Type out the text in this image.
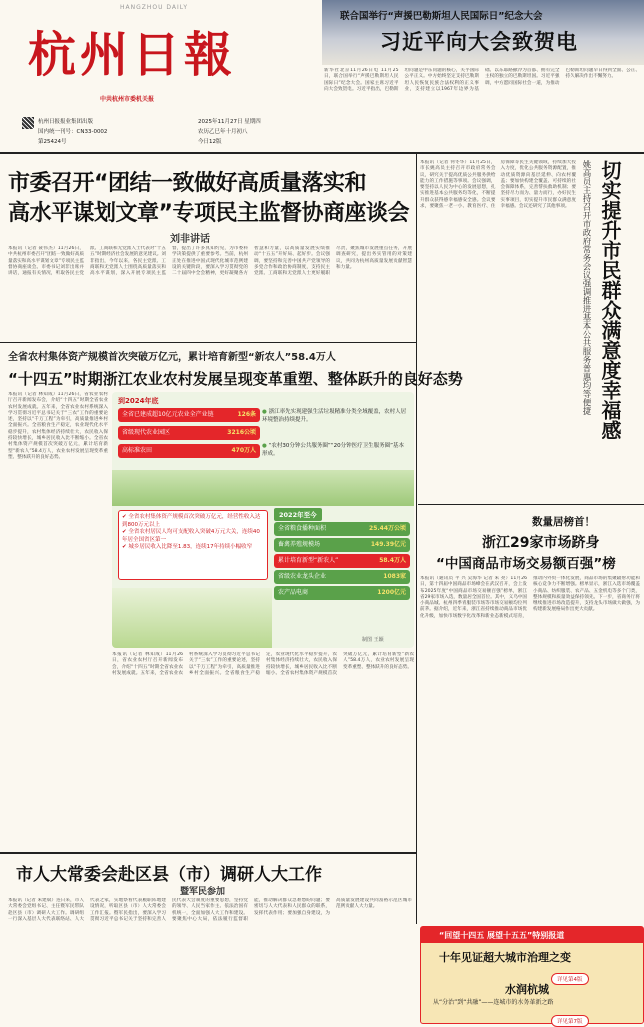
HANGZHOU DAILY
杭州日報
中共杭州市委机关报
杭州日报报业集团出版
国内统一刊号：CN33-0002
第25424号
2025年11月27日 星期四
农历乙巳年十月初八
今日12版
联合国举行“声援巴勒斯坦人民国际日”纪念大会
习近平向大会致贺电
新华社北京11月26日电 11月25日，联合国举行“声援巴勒斯坦人民国际日”纪念大会。国家主席习近平向大会致贺电。习近平指出，巴勒斯坦问题是中东问题的核心，关乎国际公平正义。中方始终坚定支持巴勒斯坦人民恢复民族合法权利的正义事业，支持建立以1967年边界为基础、以东耶路撒冷为首都、拥有完全主权的独立的巴勒斯坦国。习近平强调，中方愿同国际社会一道，为推动巴勒斯坦问题早日得到全面、公正、持久解决作出不懈努力。
市委召开“团结一致做好高质量落实和
高水平谋划文章”专项民主监督协商座谈会
刘非讲话
本报讯（记者 聂伟杰）11月26日，中共杭州市委召开“团结一致做好高质量落实和高水平谋划文章”专项民主监督协商座谈会。市委书记刘非出席并讲话，通报有关情况，听取各民主党派、工商联和无党派人士代表对“十五五”时期经济社会发展的意见建议。刘非指出，今年以来，各民主党派、工商联和无党派人士围绕高质量落实和高水平谋划，深入开展专项民主监督，提出了许多真知灼见，为市委科学决策提供了重要参考。当前，杭州正处在推进中国式现代化城市范例建设的关键阶段，要深入学习贯彻党的二十届四中全会精神，更好凝聚各方智慧和力量，以高质量发展实绩推动“十五五”开好局、起好步。会议强调，要坚持和完善中国共产党领导的多党合作和政治协商制度，支持民主党派、工商联和无党派人士更好履职尽责，聚焦城市发展重点任务，开展调查研究，提出务实管用的对策建议，共同为杭州高质量发展贡献智慧和力量。
本报讯（记者 何冬华）11月25日，市长姚高员主持召开市政府常务会议，研究关于提高优质公共服务供给能力的工作措施等事项。会议强调，要坚持以人民为中心的发展思想，扎实推进基本公共服务均等化，不断提升群众获得感幸福感安全感。会议要求，要聚焦一老一小、教育医疗、住房保障等民生关键领域，持续加大投入力度，优化公共服务资源配置，推动优质资源向基层延伸、向农村覆盖；要加快构建全覆盖、可持续的社会保障体系，完善帮扶救助机制；要坚持尽力而为、量力而行，办好民生实事项目，切实提升市民群众满意度幸福感。会议还研究了其他事项。	切实提升市民群众满意度幸福感
姚高员主持召开市政府常务会议强调推进基本公共服务普惠均等便捷
全省农村集体资产规模首次突破万亿元，累计培育新型“新农人”58.4万人
“十四五”时期浙江农业农村发展呈现变革重塑、整体跃升的良好态势
本报讯（记者 林知成）11月26日，省农业农村厅召开新闻发布会，介绍“十四五”时期全省农业农村发展成就。五年来，全省农业农村系统深入学习贯彻习近平总书记关于“三农”工作的重要论述，坚持以“千万工程”为牵引，高质量推进乡村全面振兴。全省粮食生产稳定，农业现代化水平稳步提升，农村集体经济持续壮大，农民收入保持较快增长，城乡居民收入比不断缩小。全省农村集体资产规模首次突破万亿元，累计培育新型“新农人”58.4万人，农业农村发展呈现变革重塑、整体跃升的良好态势。
到2024年底
全省已建成超10亿元农业全产业链	126条
省级现代农业园区	3216公顷
高标准农田	470万人
● 浙江率先实现建强生活垃圾精准分类全域覆盖，农村人居环境整治持续提升。
● “农村30分钟公共服务圈”“20分钟医疗卫生服务圈”基本形成。
✔ 全省农村集体资产规模首次突破万亿元，经营性收入达到800万元以上
✔ 全省农村居民人均可支配收入突破4万元大关，连续40年居全国省区第一
✔ 城乡居民收入比降至1.83，连续17年持续小幅收窄
2022年至今
全省粮食播种面积	25.44万公顷
畜禽养殖规模场	149.39亿元
累计培育新型“新农人”	58.4万人
省级农业龙头企业	1083家
农产品电商	1200亿元
制图 王颖
本报讯（记者 林知成）11月26日，省农业农村厅召开新闻发布会，介绍“十四五”时期全省农业农村发展成就。五年来，全省农业农村系统深入学习贯彻习近平总书记关于“三农”工作的重要论述，坚持以“千万工程”为牵引，高质量推进乡村全面振兴。全省粮食生产稳定，农业现代化水平稳步提升，农村集体经济持续壮大，农民收入保持较快增长，城乡居民收入比不断缩小。全省农村集体资产规模首次突破万亿元，累计培育新型“新农人”58.4万人，农业农村发展呈现变革重塑、整体跃升的良好态势。
数量居榜首！
浙江29家市场跻身
“中国商品市场交易额百强”榜
本报讯（通讯员 平 兴 吴海华 记者 朱 亮）11月26日，第十四届中国商品市场峰会在武汉召开，会上发布2025年度“中国商品市场交易额百强”榜单，浙江省29家市场入选，数量居全国首位。其中，义乌中国小商品城、杭州四季青服装市场等市场交易额均位列前茅。据介绍，近年来，浙江省持续推动商品市场优化升级，加快市场数字化改革和新业态新模式培育，推动内外贸一体化发展，商品市场的集聚辐射功能和核心竞争力不断增强。榜单显示，浙江入选市场覆盖小商品、纺织服装、农产品、五金机电等多个门类，整体规模和质量效益保持领先。下一步，省商务厅将继续推进市场改造提升，支持龙头市场做大做强，为构建新发展格局作出更大贡献。
市人大常委会赴区县（市）调研人大工作
暨军民参加
本报讯（记者 朱建斌）连日来，市人大常委会党组书记、主任暨军民带队赴区县（市）调研人大工作。调研组一行深入基层人大代表联络站、人大代表之家，实地察看代表履职阵地建设情况，听取区县（市）人大常委会工作汇报。暨军民指出，要深入学习贯彻习近平总书记关于坚持和完善人民代表大会制度的重要思想，坚持党的领导、人民当家作主、依法治国有机统一，全面加强人大工作和建设。要聚焦中心大局，依法履行监督职能，推动解决群众急难愁盼问题；要密切与人大代表和人民群众的联系，发挥代表作用；要加强自身建设，为高质量发展建设共同富裕示范区城市范例贡献人大力量。
“回望十四五 展望十五五”特别报道
十年见证超大城市治理之变
详见第4版
水润杭城
从“分治”到“共融”——连城市的水务革新之路
详见第7版
